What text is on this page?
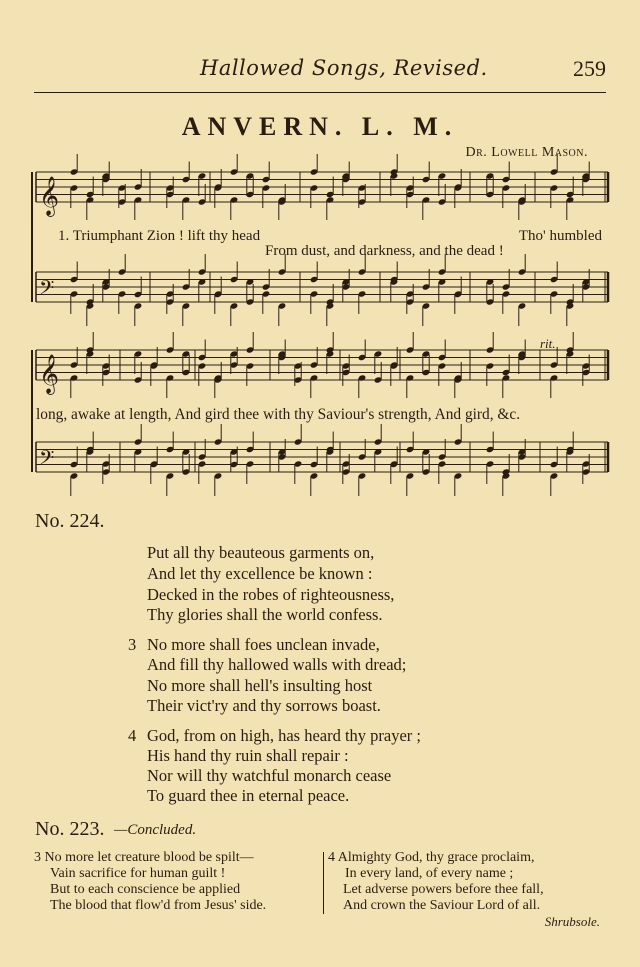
Hallowed Songs, Revised.	259
ANVERN. L. M.
Dr. Lowell Mason.
𝄞
𝄢
𝄞
𝄢
1. Triumphant Zion ! lift thy head	Tho' humbled
From dust, and darkness, and the dead !
long, awake at length, And gird thee with thy Saviour's strength, And gird, &c.
rit.
No. 224.
Put all thy beauteous garments on,
And let thy excellence be known :
Decked in the robes of righteousness,
Thy glories shall the world confess.
3 No more shall foes unclean invade,
And fill thy hallowed walls with dread;
No more shall hell's insulting host
Their vict'ry and thy sorrows boast.
4 God, from on high, has heard thy prayer ;
His hand thy ruin shall repair :
Nor will thy watchful monarch cease
To guard thee in eternal peace.
No. 223. —Concluded.
3 No more let creature blood be spilt—
Vain sacrifice for human guilt !
But to each conscience be applied
The blood that flow'd from Jesus' side.
4 Almighty God, thy grace proclaim,
In every land, of every name ;
Let adverse powers before thee fall,
And crown the Saviour Lord of all.
Shrubsole.
